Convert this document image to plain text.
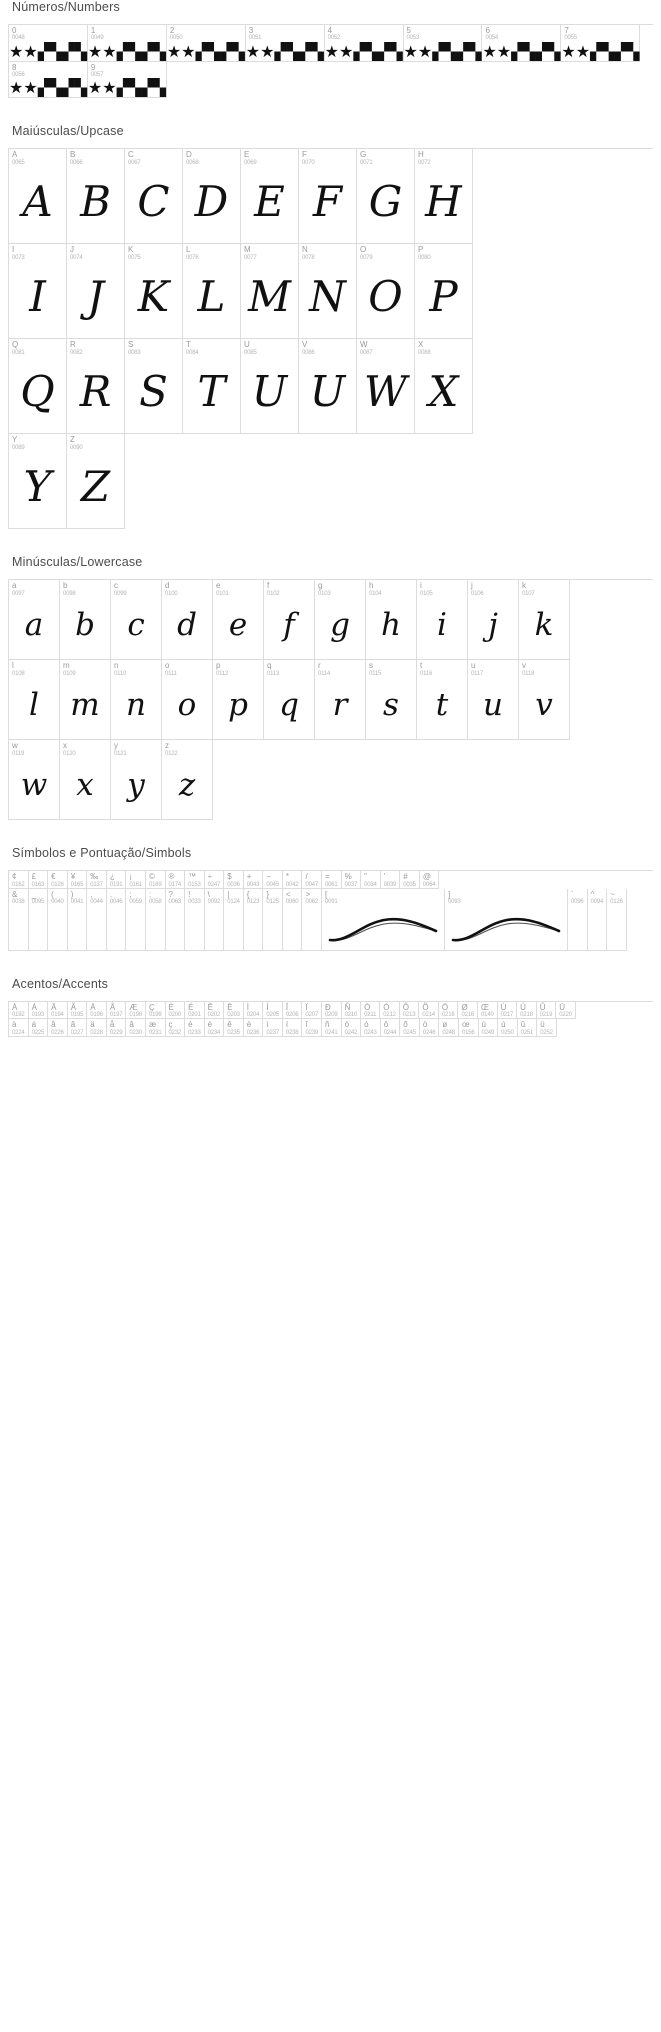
Números/Numbers
0
0048
★★ ▞▚▞▚
1
0049
★★ ▞▚▞▚
2
0050
★★ ▞▚▞▚
3
0051
★★ ▞▚▞▚
4
0052
★★ ▞▚▞▚
5
0053
★★ ▞▚▞▚
6
0054
★★ ▞▚▞▚
7
0055
★★ ▞▚▞▚
8
0056
★★ ▞▚▞▚
9
0057
★★ ▞▚▞▚
Maiúsculas/Upcase
A
0065
A
B
0066
B
C
0067
C
D
0068
D
E
0069
E
F
0070
F
G
0071
G
H
0072
H
I
0073
I
J
0074
J
K
0075
K
L
0076
L
M
0077
M
N
0078
N
O
0079
O
P
0080
P
Q
0081
Q
R
0082
R
S
0083
S
T
0084
T
U
0085
U
V
0086
U
W
0087
W
X
0088
X
Y
0089
Y
Z
0090
Z
Minúsculas/Lowercase
a
0097
a
b
0098
b
c
0099
c
d
0100
d
e
0101
e
f
0102
f
g
0103
g
h
0104
h
i
0105
i
j
0106
j
k
0107
k
l
0108
l
m
0109
m
n
0110
n
o
0111
o
p
0112
p
q
0113
q
r
0114
r
s
0115
s
t
0116
t
u
0117
u
v
0118
v
w
0119
w
x
0120
x
y
0121
y
z
0122
z
Símbolos e Pontuação/Simbols
¢
0162
£
0163
€
0128
¥
0165
‰
0137
¿
0191
¡
0161
©
0169
®
0174
™
0153
÷
0247
$
0036
+
0043
−
0045
*
0042
/
0047
=
0061
%
0037
"
0034
'
0039
#
0035
@
0064
&
0038
_
0095
(
0040
)
0041
,
0044
.
0046
;
0059
:
0058
?
0063
!
0033
\
0092
|
0124
{
0123
}
0125
<
0060
>
0062
[
0091
]
0093
`
0096
^
0094
~
0126
Acentos/Accents
À
0192
Á
0193
Â
0194
Ã
0195
Ä
0196
Å
0197
Æ
0198
Ç
0199
È
0200
É
0201
Ê
0202
Ë
0203
Ì
0204
Í
0205
Î
0206
Ï
0207
Ð
0209
Ñ
0210
Ò
0211
Ó
0212
Ô
0213
Õ
0214
Ö
0216
Ø
0216
Œ
0140
Ù
0217
Ú
0218
Û
0219
Ü
0220
à
0224
á
0225
â
0226
ã
0227
ä
0228
å
0229
â
0230
æ
0231
ç
0232
è
0233
é
0234
ê
0235
ë
0236
ì
0237
í
0238
î
0239
ñ
0241
ò
0242
ó
0243
ô
0244
õ
0245
ö
0246
ø
0248
œ
0156
ù
0249
ú
0250
û
0251
ü
0252
